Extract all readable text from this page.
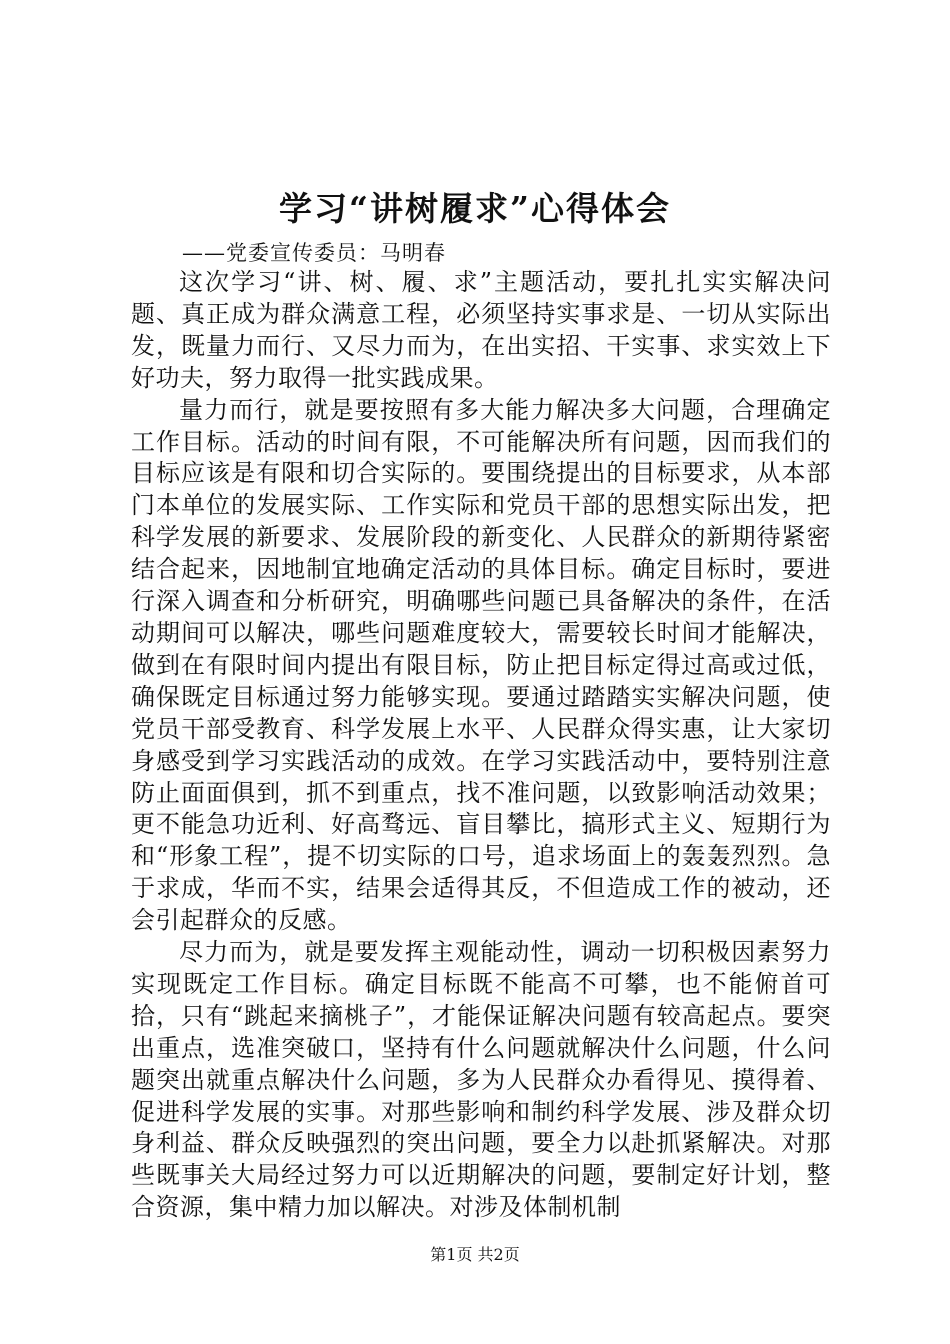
学习“讲树履求”心得体会
——党委宣传委员：马明春

这次学习“讲、树、履、求”主题活动，要扎扎实实解决问题、真正成为群众满意工程，必须坚持实事求是、一切从实际出发，既量力而行、又尽力而为，在出实招、干实事、求实效上下好功夫，努力取得一批实践成果。

量力而行，就是要按照有多大能力解决多大问题，合理确定工作目标。活动的时间有限，不可能解决所有问题，因而我们的目标应该是有限和切合实际的。要围绕提出的目标要求，从本部门本单位的发展实际、工作实际和党员干部的思想实际出发，把科学发展的新要求、发展阶段的新变化、人民群众的新期待紧密结合起来，因地制宜地确定活动的具体目标。确定目标时，要进行深入调查和分析研究，明确哪些问题已具备解决的条件，在活动期间可以解决，哪些问题难度较大，需要较长时间才能解决，做到在有限时间内提出有限目标，防止把目标定得过高或过低，确保既定目标通过努力能够实现。要通过踏踏实实解决问题，使党员干部受教育、科学发展上水平、人民群众得实惠，让大家切身感受到学习实践活动的成效。在学习实践活动中，要特别注意防止面面俱到，抓不到重点，找不准问题，以致影响活动效果；更不能急功近利、好高骛远、盲目攀比，搞形式主义、短期行为和“形象工程”，提不切实际的口号，追求场面上的轰轰烈烈。急于求成，华而不实，结果会适得其反，不但造成工作的被动，还会引起群众的反感。

尽力而为，就是要发挥主观能动性，调动一切积极因素努力实现既定工作目标。确定目标既不能高不可攀，也不能俯首可拾，只有“跳起来摘桃子”，才能保证解决问题有较高起点。要突出重点，选准突破口，坚持有什么问题就解决什么问题，什么问题突出就重点解决什么问题，多为人民群众办看得见、摸得着、促进科学发展的实事。对那些影响和制约科学发展、涉及群众切身利益、群众反映强烈的突出问题，要全力以赴抓紧解决。对那些既事关大局经过努力可以近期解决的问题，要制定好计划，整合资源，集中精力加以解决。对涉及体制机制

第1页 共2页
